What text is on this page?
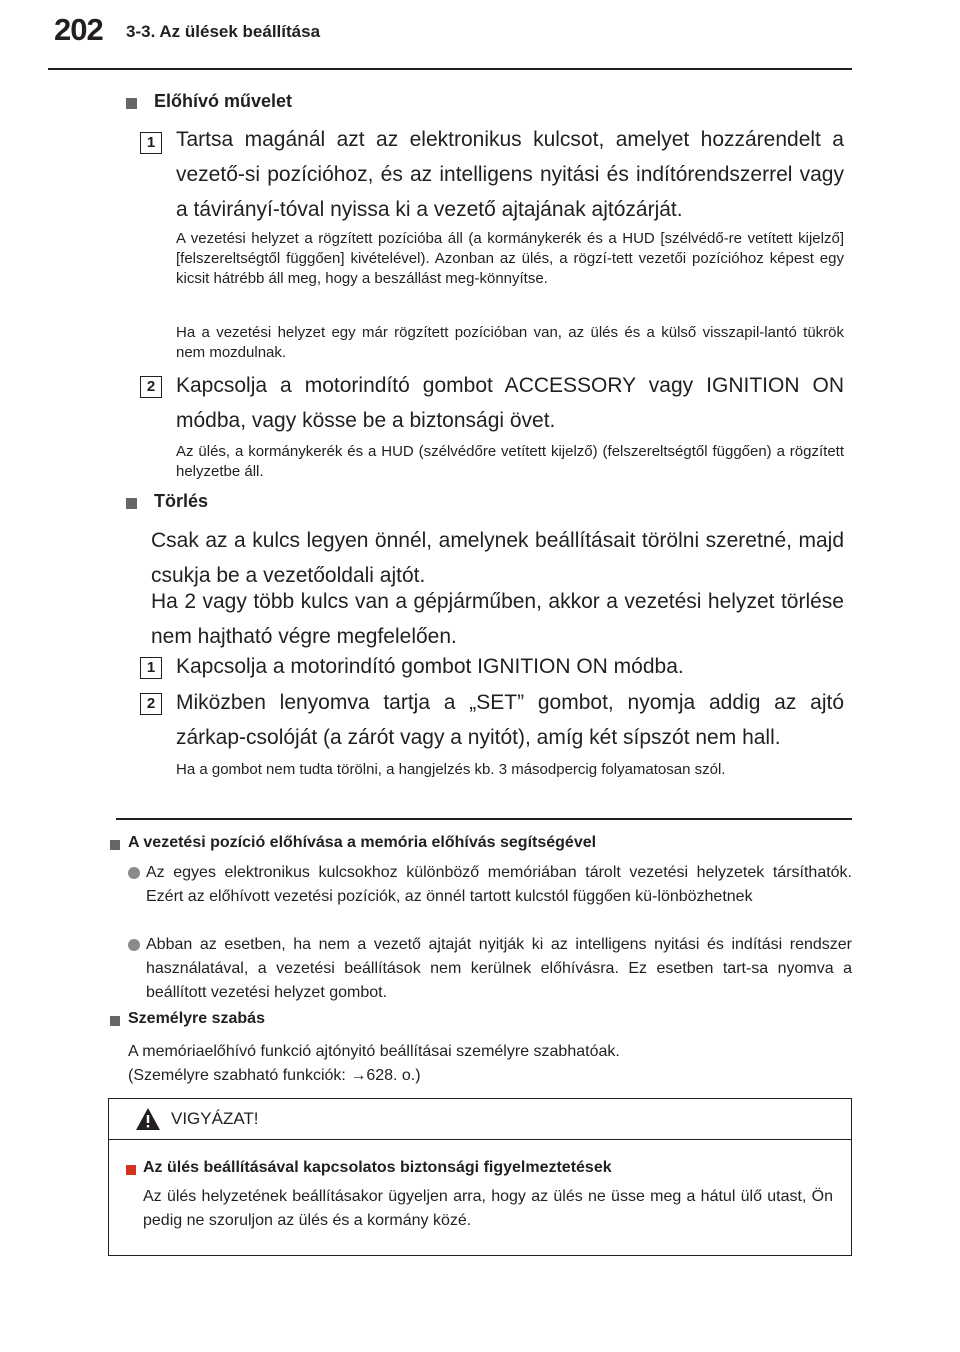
202 3-3. Az ülések beállítása
Előhívó művelet
1 Tartsa magánál azt az elektronikus kulcsot, amelyet hozzárendelt a vezető-si pozícióhoz, és az intelligens nyitási és indítórendszerrel vagy a távirányí-tóval nyissa ki a vezető ajtajának ajtózárját.
A vezetési helyzet a rögzített pozícióba áll (a kormánykerék és a HUD [szélvédő-re vetített kijelző] [felszereltségtől függően] kivételével). Azonban az ülés, a rögzí-tett vezetői pozícióhoz képest egy kicsit hátrébb áll meg, hogy a beszállást meg-könnyítse.
Ha a vezetési helyzet egy már rögzített pozícióban van, az ülés és a külső visszapil-lantó tükrök nem mozdulnak.
2 Kapcsolja a motorindító gombot ACCESSORY vagy IGNITION ON módba, vagy kösse be a biztonsági övet.
Az ülés, a kormánykerék és a HUD (szélvédőre vetített kijelző) (felszereltségtől függően) a rögzített helyzetbe áll.
Törlés
Csak az a kulcs legyen önnél, amelynek beállításait törölni szeretné, majd csukja be a vezetőoldali ajtót.
Ha 2 vagy több kulcs van a gépjárműben, akkor a vezetési helyzet törlése nem hajtható végre megfelelően.
1 Kapcsolja a motorindító gombot IGNITION ON módba.
2 Miközben lenyomva tartja a „SET” gombot, nyomja addig az ajtó zárkap-csolóját (a zárót vagy a nyitót), amíg két sípszót nem hall.
Ha a gombot nem tudta törölni, a hangjelzés kb. 3 másodpercig folyamatosan szól.
A vezetési pozíció előhívása a memória előhívás segítségével
Az egyes elektronikus kulcsokhoz különböző memóriában tárolt vezetési helyzetek társíthatók. Ezért az előhívott vezetési pozíciók, az önnél tartott kulcstól függően kü-lönbözhetnek
Abban az esetben, ha nem a vezető ajtaját nyitják ki az intelligens nyitási és indítási rendszer használatával, a vezetési beállítások nem kerülnek előhívásra. Ez esetben tart-sa nyomva a beállított vezetési helyzet gombot.
Személyre szabás
A memóriaelőhívó funkció ajtónyitó beállításai személyre szabhatóak.
(Személyre szabható funkciók: →628. o.)
VIGYÁZAT!
Az ülés beállításával kapcsolatos biztonsági figyelmeztetések
Az ülés helyzetének beállításakor ügyeljen arra, hogy az ülés ne üsse meg a hátul ülő utast, Ön pedig ne szoruljon az ülés és a kormány közé.
